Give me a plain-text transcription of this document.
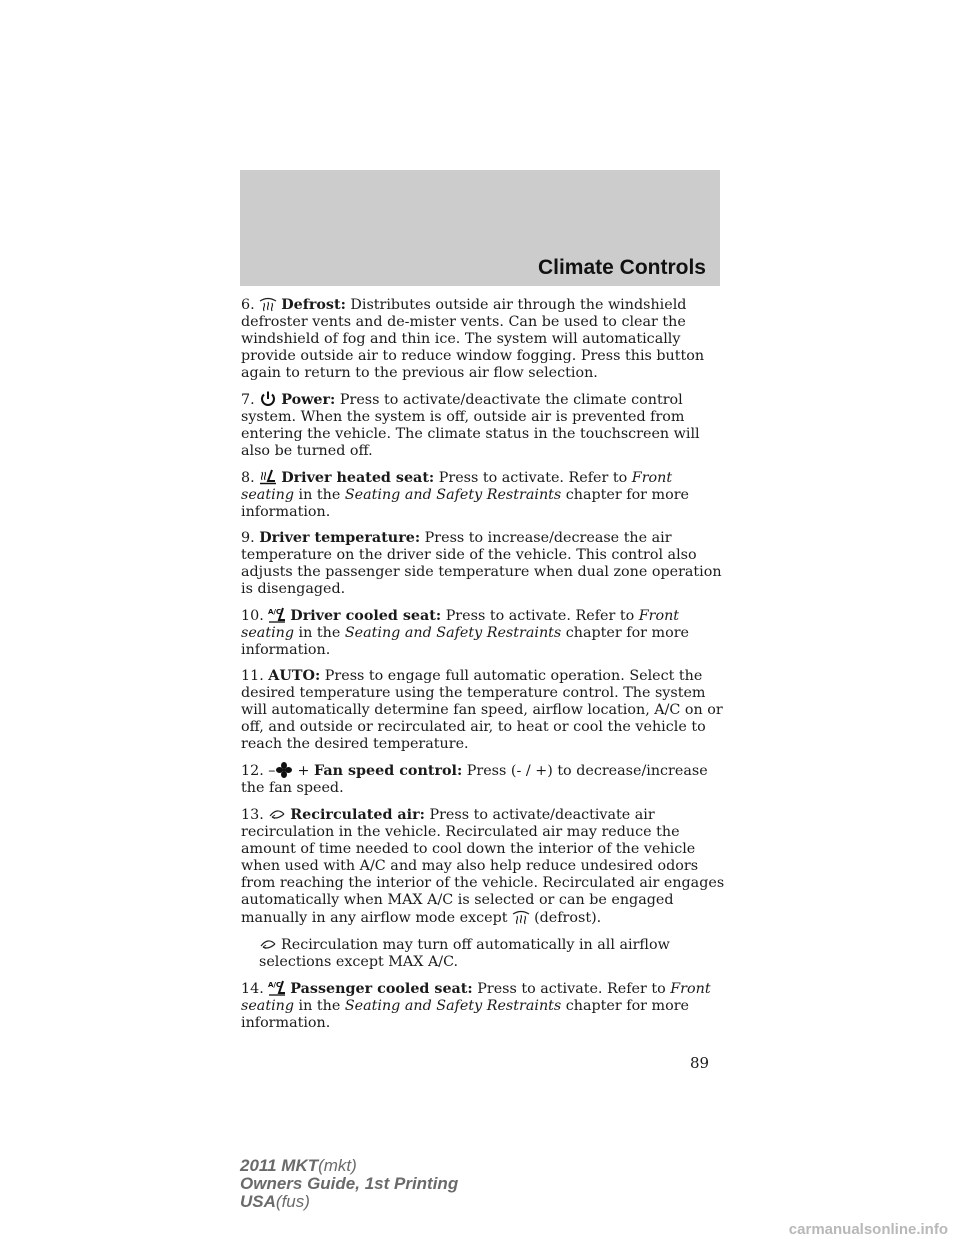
Climate Controls

6. Defrost: Distributes outside air through the windshield defroster vents and de-mister vents. Can be used to clear the windshield of fog and thin ice. The system will automatically provide outside air to reduce window fogging. Press this button again to return to the previous air flow selection.

7. Power: Press to activate/deactivate the climate control system. When the system is off, outside air is prevented from entering the vehicle. The climate status in the touchscreen will also be turned off.

8. Driver heated seat: Press to activate. Refer to Front seating in the Seating and Safety Restraints chapter for more information.

9. Driver temperature: Press to increase/decrease the air temperature on the driver side of the vehicle. This control also adjusts the passenger side temperature when dual zone operation is disengaged.

10. A/C Driver cooled seat: Press to activate. Refer to Front seating in the Seating and Safety Restraints chapter for more information.

11. AUTO: Press to engage full automatic operation. Select the desired temperature using the temperature control. The system will automatically determine fan speed, airflow location, A/C on or off, and outside or recirculated air, to heat or cool the vehicle to reach the desired temperature.

12. – + Fan speed control: Press (- / +) to decrease/increase the fan speed.

13. Recirculated air: Press to activate/deactivate air recirculation in the vehicle. Recirculated air may reduce the amount of time needed to cool down the interior of the vehicle when used with A/C and may also help reduce undesired odors from reaching the interior of the vehicle. Recirculated air engages automatically when MAX A/C is selected or can be engaged manually in any airflow mode except (defrost).

Recirculation may turn off automatically in all airflow selections except MAX A/C.

14. A/C Passenger cooled seat: Press to activate. Refer to Front seating in the Seating and Safety Restraints chapter for more information.

89
2011 MKT(mkt)
Owners Guide, 1st Printing
USA(fus)
carmanualsonline.info
